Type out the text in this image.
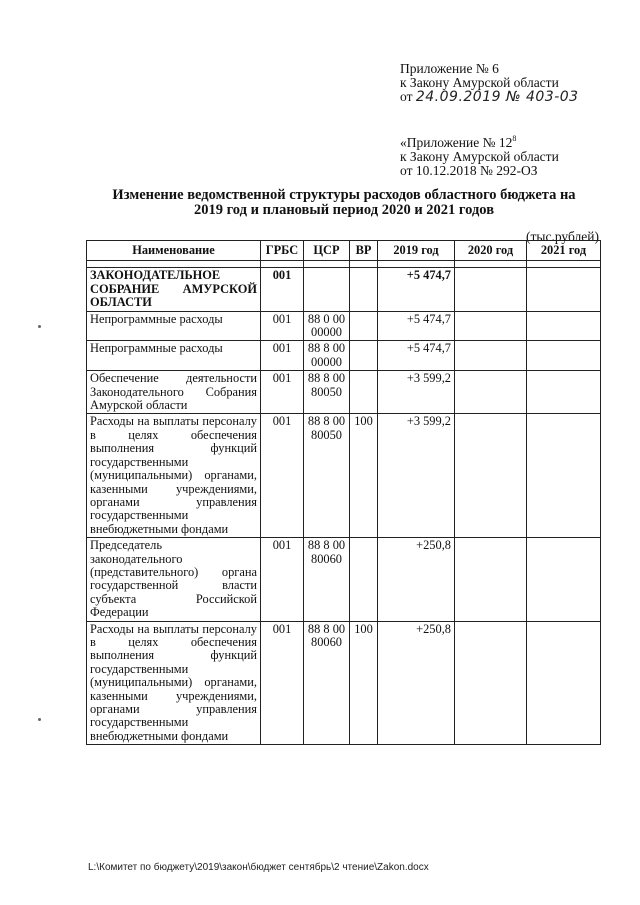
Приложение № 6
к Закону Амурской области
от 24.09.2019 № 403-03
«Приложение № $12^8$
к Закону Амурской области
от 10.12.2018 № 292-ОЗ
Изменение ведомственной структуры расходов областного бюджета на
2019 год и плановый период 2020 и 2021 годов
(тыс.рублей)
Наименование	ГРБС	ЦСР	ВР	2019 год	2020 год	2021 год

ЗАКОНОДАТЕЛЬНОЕ СОБРАНИЕ АМУРСКОЙ ОБЛАСТИ	001			+5 474,7		
Непрограммные расходы	001	88 0 00 00000		+5 474,7		
Непрограммные расходы	001	88 8 00 00000		+5 474,7		
Обеспечение деятельности Законодательного Собрания Амурской области	001	88 8 00 80050		+3 599,2		
Расходы на выплаты персоналу в целях обеспечения выполнения функций государственными (муниципальными) органами, казенными учреждениями, органами управления государственными внебюджетными фондами	001	88 8 00 80050	100	+3 599,2		
Председатель законодательного (представительного) органа государственной власти субъекта Российской Федерации	001	88 8 00 80060		+250,8		
Расходы на выплаты персоналу в целях обеспечения выполнения функций государственными (муниципальными) органами, казенными учреждениями, органами управления государственными внебюджетными фондами	001	88 8 00 80060	100	+250,8		
L:\Комитет по бюджету\2019\закон\бюджет сентябрь\2 чтение\Zakon.docx
